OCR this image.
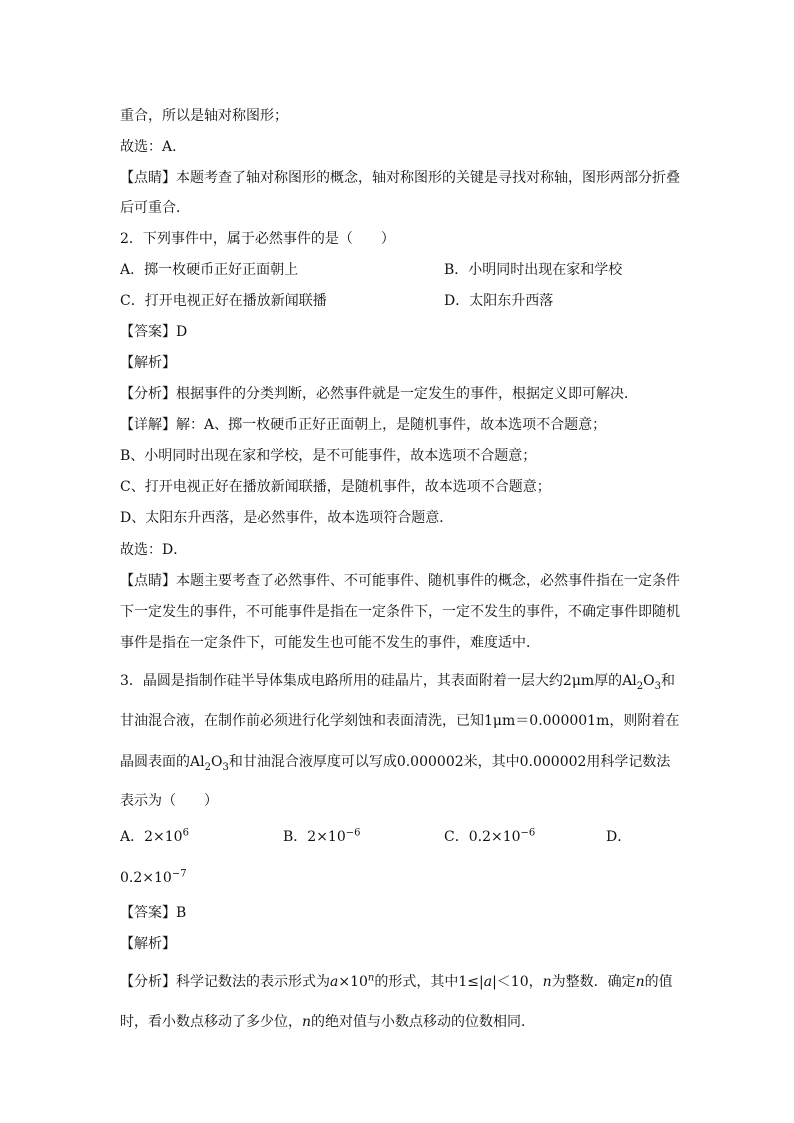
重合，所以是轴对称图形；
故选：A．
【点睛】本题考查了轴对称图形的概念，轴对称图形的关键是寻找对称轴，图形两部分折叠
后可重合．
2．下列事件中，属于必然事件的是（　　）
A．掷一枚硬币正好正面朝上	B．小明同时出现在家和学校
C．打开电视正好在播放新闻联播	D．太阳东升西落
【答案】D
【解析】
【分析】根据事件的分类判断，必然事件就是一定发生的事件，根据定义即可解决．
【详解】解：A、掷一枚硬币正好正面朝上，是随机事件，故本选项不合题意；
B、小明同时出现在家和学校，是不可能事件，故本选项不合题意；
C、打开电视正好在播放新闻联播，是随机事件，故本选项不合题意；
D、太阳东升西落，是必然事件，故本选项符合题意．
故选：D．
【点睛】本题主要考查了必然事件、不可能事件、随机事件的概念，必然事件指在一定条件
下一定发生的事件，不可能事件是指在一定条件下，一定不发生的事件，不确定事件即随机
事件是指在一定条件下，可能发生也可能不发生的事件，难度适中．
3．晶圆是指制作硅半导体集成电路所用的硅晶片，其表面附着一层大约2μm厚的$Al_2O_3$和
甘油混合液，在制作前必须进行化学刻蚀和表面清洗，已知1μm＝0.000001m，则附着在
晶圆表面的$Al_2O_3$和甘油混合液厚度可以写成0.000002米，其中0.000002用科学记数法
表示为（　　）
A．$2\times 10^6$	B．$2\times 10^{-6}$	C．$0.2\times 10^{-6}$	D．
$0.2\times 10^{-7}$
【答案】B
【解析】
【分析】科学记数法的表示形式为$a\times 10^n$的形式，其中1≤|a|＜10，n为整数．确定n的值
时，看小数点移动了多少位，n的绝对值与小数点移动的位数相同．
